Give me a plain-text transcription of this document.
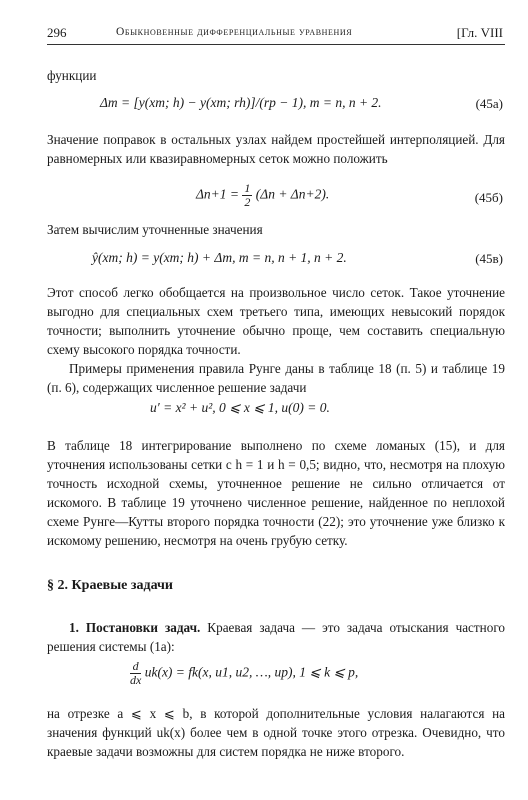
296	Обыкновенные дифференциальные уравнения	[Гл. VIII
функции
Δm = [y(xm; h) − y(xm; rh)]/(rp − 1), m = n, n + 2.	(45а)
Значение поправок в остальных узлах найдем простейшей интерполяцией. Для равномерных или квазиравномерных сеток можно положить
$\Delta n+1 = \frac{1}{2} (\Delta n + \Delta n+2)$.	(45б)
Затем вычислим уточненные значения
ŷ(xm; h) = y(xm; h) + Δm, m = n, n + 1, n + 2.	(45в)
Этот способ легко обобщается на произвольное число сеток. Такое уточнение выгодно для специальных схем третьего типа, имеющих невысокий порядок точности; выполнить уточнение обычно проще, чем составить специальную схему высокого порядка точности.
Примеры применения правила Рунге даны в таблице 18 (п. 5) и таблице 19 (п. 6), содержащих численное решение задачи
u′ = x² + u², 0 ⩽ x ⩽ 1, u(0) = 0.
В таблице 18 интегрирование выполнено по схеме ломаных (15), и для уточнения использованы сетки с h = 1 и h = 0,5; видно, что, несмотря на плохую точность исходной схемы, уточненное решение не сильно отличается от искомого. В таблице 19 уточнено численное решение, найденное по неплохой схеме Рунге—Кутты второго порядка точности (22); это уточнение уже близко к искомому решению, несмотря на очень грубую сетку.
§ 2. Краевые задачи
1. Постановки задач. Краевая задача — это задача отыскания частного решения системы (1а):
$\frac{d}{dx} uk(x) = fk(x$, u1, u2, …, up), 1 ⩽ k ⩽ p,
на отрезке a ⩽ x ⩽ b, в которой дополнительные условия налагаются на значения функций uk(x) более чем в одной точке этого отрезка. Очевидно, что краевые задачи возможны для систем порядка не ниже второго.
